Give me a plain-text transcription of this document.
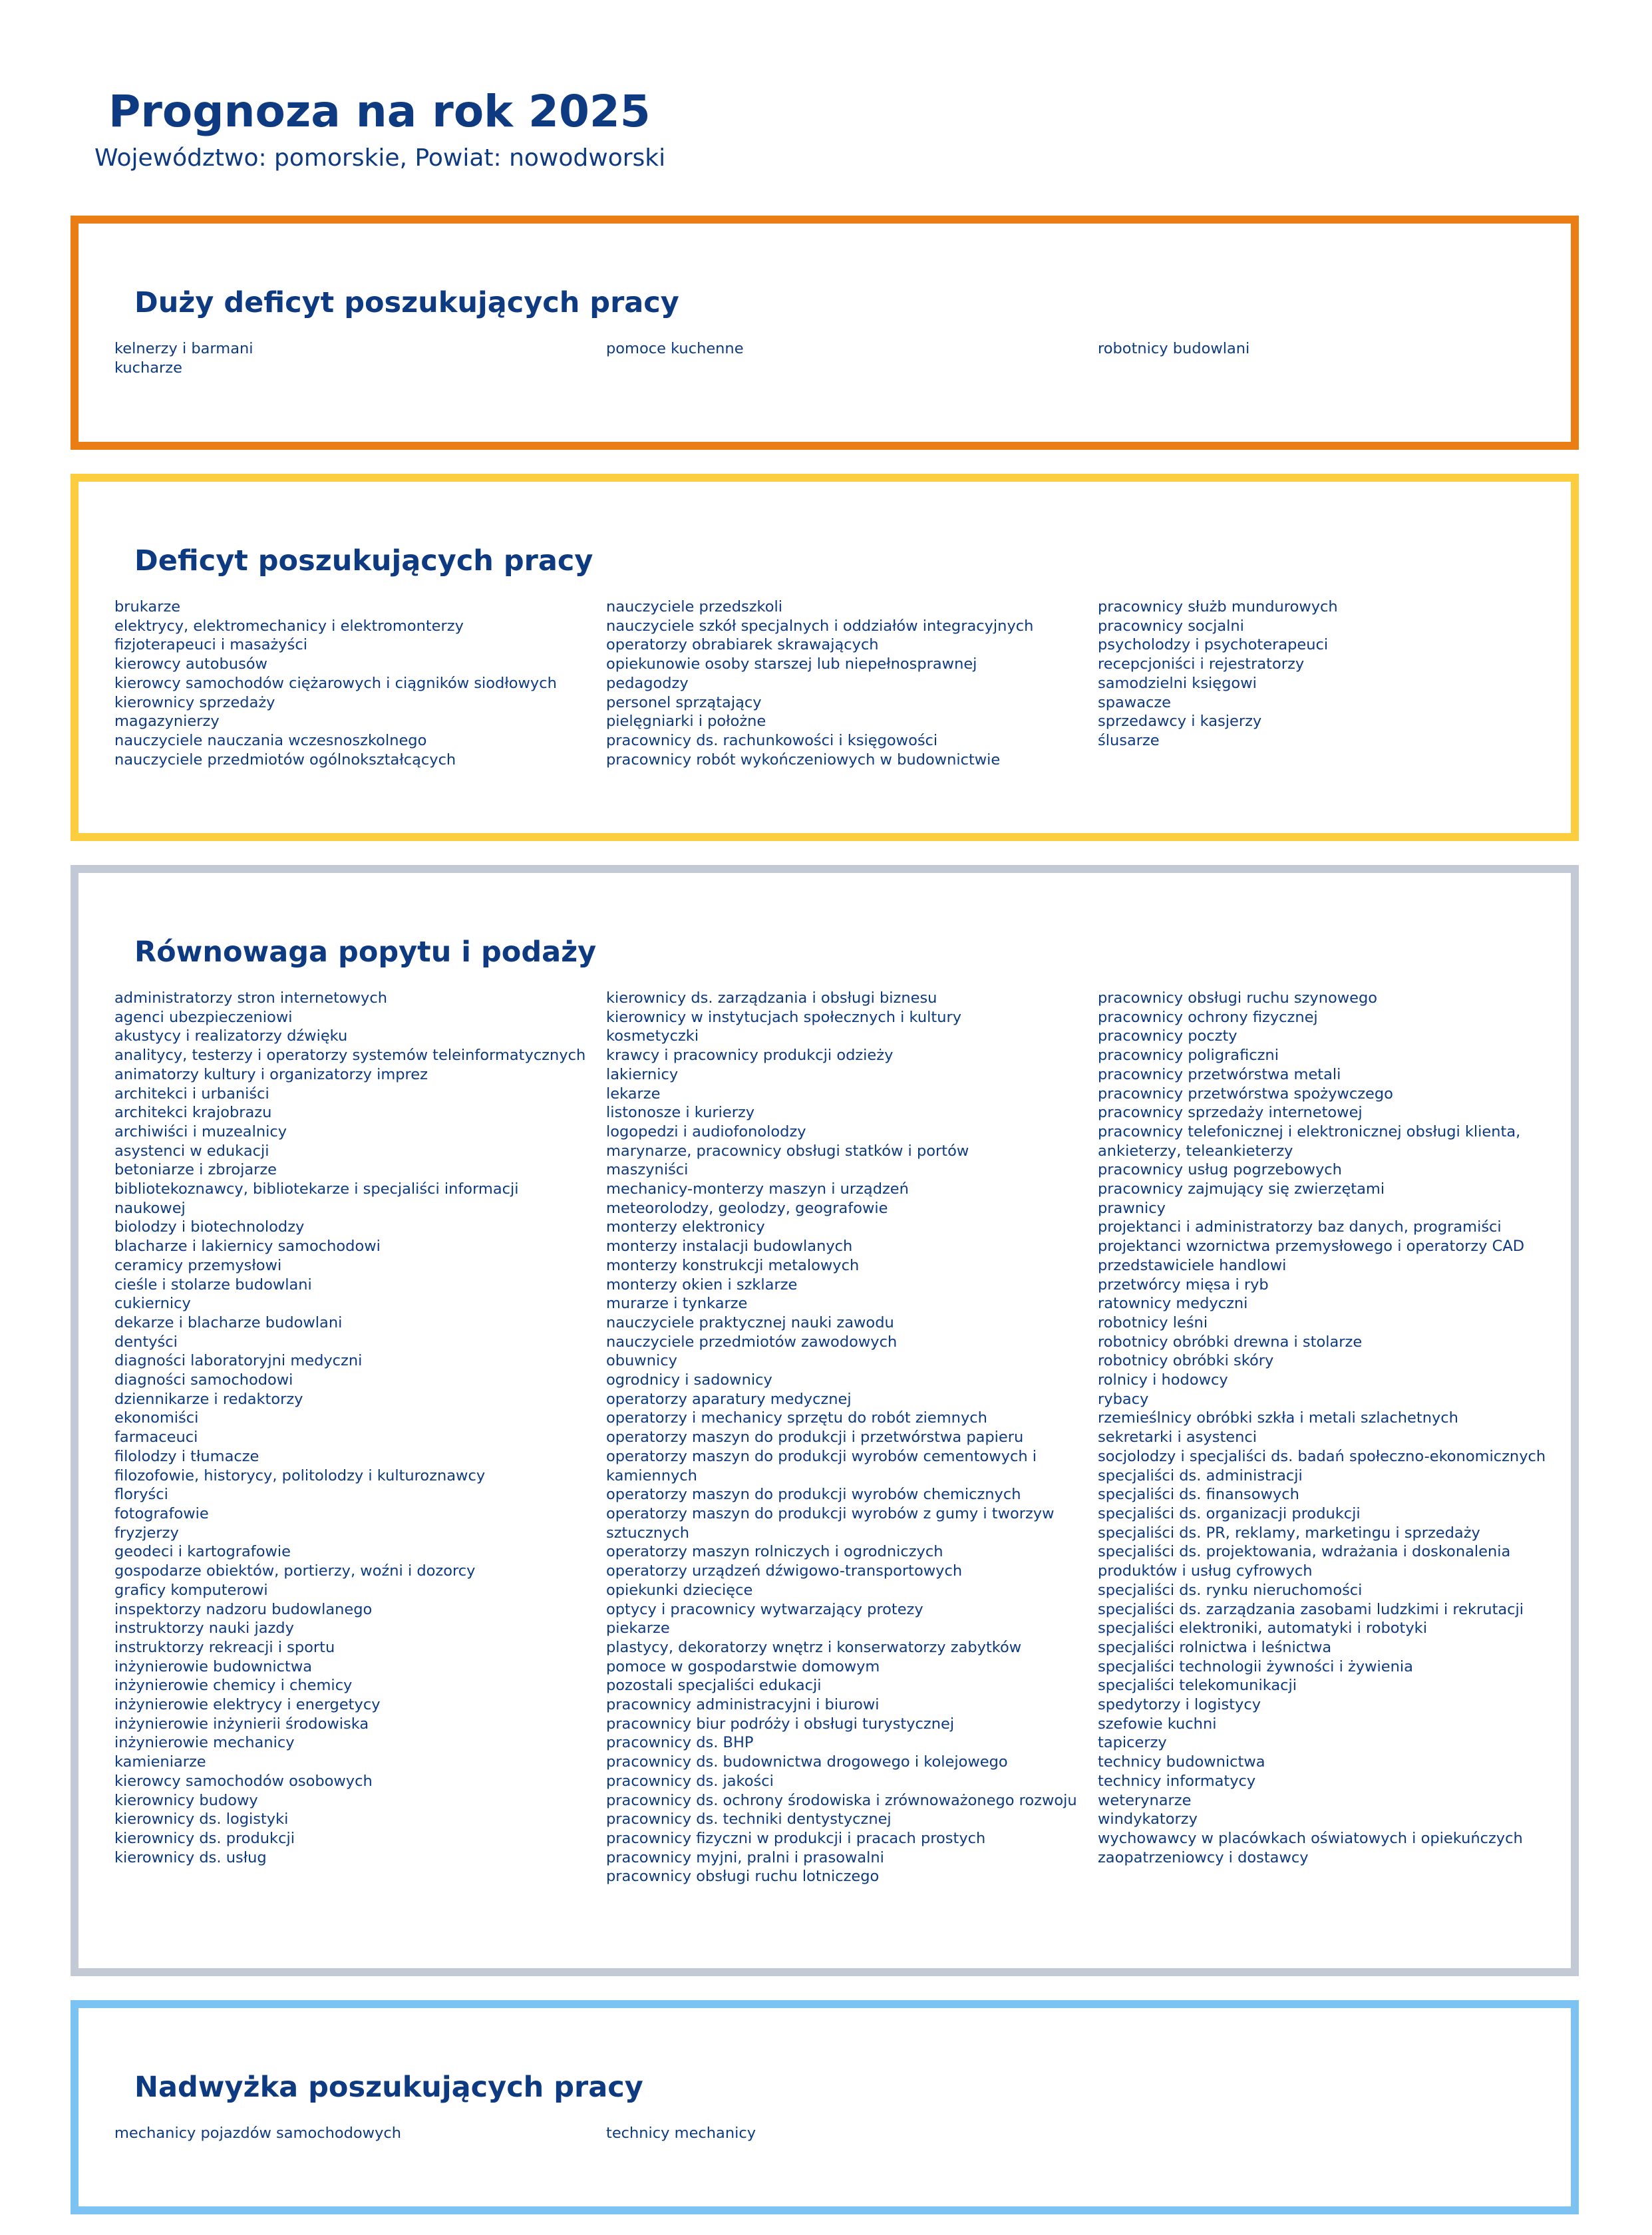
Prognoza na rok 2025
Województwo: pomorskie, Powiat: nowodworski
Duży deficyt poszukujących pracy
kelnerzy i barmani
kucharze
pomoce kuchenne	robotnicy budowlani
Deficyt poszukujących pracy
brukarze
elektrycy, elektromechanicy i elektromonterzy
fizjoterapeuci i masażyści
kierowcy autobusów
kierowcy samochodów ciężarowych i ciągników siodłowych
kierownicy sprzedaży
magazynierzy
nauczyciele nauczania wczesnoszkolnego
nauczyciele przedmiotów ogólnokształcących
nauczyciele przedszkoli
nauczyciele szkół specjalnych i oddziałów integracyjnych
operatorzy obrabiarek skrawających
opiekunowie osoby starszej lub niepełnosprawnej
pedagodzy
personel sprzątający
pielęgniarki i położne
pracownicy ds. rachunkowości i księgowości
pracownicy robót wykończeniowych w budownictwie
pracownicy służb mundurowych
pracownicy socjalni
psycholodzy i psychoterapeuci
recepcjoniści i rejestratorzy
samodzielni księgowi
spawacze
sprzedawcy i kasjerzy
ślusarze
Równowaga popytu i podaży
administratorzy stron internetowych
agenci ubezpieczeniowi
akustycy i realizatorzy dźwięku
analitycy, testerzy i operatorzy systemów teleinformatycznych
animatorzy kultury i organizatorzy imprez
architekci i urbaniści
architekci krajobrazu
archiwiści i muzealnicy
asystenci w edukacji
betoniarze i zbrojarze
bibliotekoznawcy, bibliotekarze i specjaliści informacji naukowej
biolodzy i biotechnolodzy
blacharze i lakiernicy samochodowi
ceramicy przemysłowi
cieśle i stolarze budowlani
cukiernicy
dekarze i blacharze budowlani
dentyści
diagności laboratoryjni medyczni
diagności samochodowi
dziennikarze i redaktorzy
ekonomiści
farmaceuci
filolodzy i tłumacze
filozofowie, historycy, politolodzy i kulturoznawcy
floryści
fotografowie
fryzjerzy
geodeci i kartografowie
gospodarze obiektów, portierzy, woźni i dozorcy
graficy komputerowi
inspektorzy nadzoru budowlanego
instruktorzy nauki jazdy
instruktorzy rekreacji i sportu
inżynierowie budownictwa
inżynierowie chemicy i chemicy
inżynierowie elektrycy i energetycy
inżynierowie inżynierii środowiska
inżynierowie mechanicy
kamieniarze
kierowcy samochodów osobowych
kierownicy budowy
kierownicy ds. logistyki
kierownicy ds. produkcji
kierownicy ds. usług
kierownicy ds. zarządzania i obsługi biznesu
kierownicy w instytucjach społecznych i kultury
kosmetyczki
krawcy i pracownicy produkcji odzieży
lakiernicy
lekarze
listonosze i kurierzy
logopedzi i audiofonolodzy
marynarze, pracownicy obsługi statków i portów
maszyniści
mechanicy-monterzy maszyn i urządzeń
meteorolodzy, geolodzy, geografowie
monterzy elektronicy
monterzy instalacji budowlanych
monterzy konstrukcji metalowych
monterzy okien i szklarze
murarze i tynkarze
nauczyciele praktycznej nauki zawodu
nauczyciele przedmiotów zawodowych
obuwnicy
ogrodnicy i sadownicy
operatorzy aparatury medycznej
operatorzy i mechanicy sprzętu do robót ziemnych
operatorzy maszyn do produkcji i przetwórstwa papieru
operatorzy maszyn do produkcji wyrobów cementowych i kamiennych
operatorzy maszyn do produkcji wyrobów chemicznych
operatorzy maszyn do produkcji wyrobów z gumy i tworzyw sztucznych
operatorzy maszyn rolniczych i ogrodniczych
operatorzy urządzeń dźwigowo-transportowych
opiekunki dziecięce
optycy i pracownicy wytwarzający protezy
piekarze
plastycy, dekoratorzy wnętrz i konserwatorzy zabytków
pomoce w gospodarstwie domowym
pozostali specjaliści edukacji
pracownicy administracyjni i biurowi
pracownicy biur podróży i obsługi turystycznej
pracownicy ds. BHP
pracownicy ds. budownictwa drogowego i kolejowego
pracownicy ds. jakości
pracownicy ds. ochrony środowiska i zrównoważonego rozwoju
pracownicy ds. techniki dentystycznej
pracownicy fizyczni w produkcji i pracach prostych
pracownicy myjni, pralni i prasowalni
pracownicy obsługi ruchu lotniczego
pracownicy obsługi ruchu szynowego
pracownicy ochrony fizycznej
pracownicy poczty
pracownicy poligraficzni
pracownicy przetwórstwa metali
pracownicy przetwórstwa spożywczego
pracownicy sprzedaży internetowej
pracownicy telefonicznej i elektronicznej obsługi klienta, ankieterzy, teleankieterzy
pracownicy usług pogrzebowych
pracownicy zajmujący się zwierzętami
prawnicy
projektanci i administratorzy baz danych, programiści
projektanci wzornictwa przemysłowego i operatorzy CAD
przedstawiciele handlowi
przetwórcy mięsa i ryb
ratownicy medyczni
robotnicy leśni
robotnicy obróbki drewna i stolarze
robotnicy obróbki skóry
rolnicy i hodowcy
rybacy
rzemieślnicy obróbki szkła i metali szlachetnych
sekretarki i asystenci
socjolodzy i specjaliści ds. badań społeczno-ekonomicznych
specjaliści ds. administracji
specjaliści ds. finansowych
specjaliści ds. organizacji produkcji
specjaliści ds. PR, reklamy, marketingu i sprzedaży
specjaliści ds. projektowania, wdrażania i doskonalenia produktów i usług cyfrowych
specjaliści ds. rynku nieruchomości
specjaliści ds. zarządzania zasobami ludzkimi i rekrutacji
specjaliści elektroniki, automatyki i robotyki
specjaliści rolnictwa i leśnictwa
specjaliści technologii żywności i żywienia
specjaliści telekomunikacji
spedytorzy i logistycy
szefowie kuchni
tapicerzy
technicy budownictwa
technicy informatycy
weterynarze
windykatorzy
wychowawcy w placówkach oświatowych i opiekuńczych
zaopatrzeniowcy i dostawcy
Nadwyżka poszukujących pracy
mechanicy pojazdów samochodowych	technicy mechanicy
